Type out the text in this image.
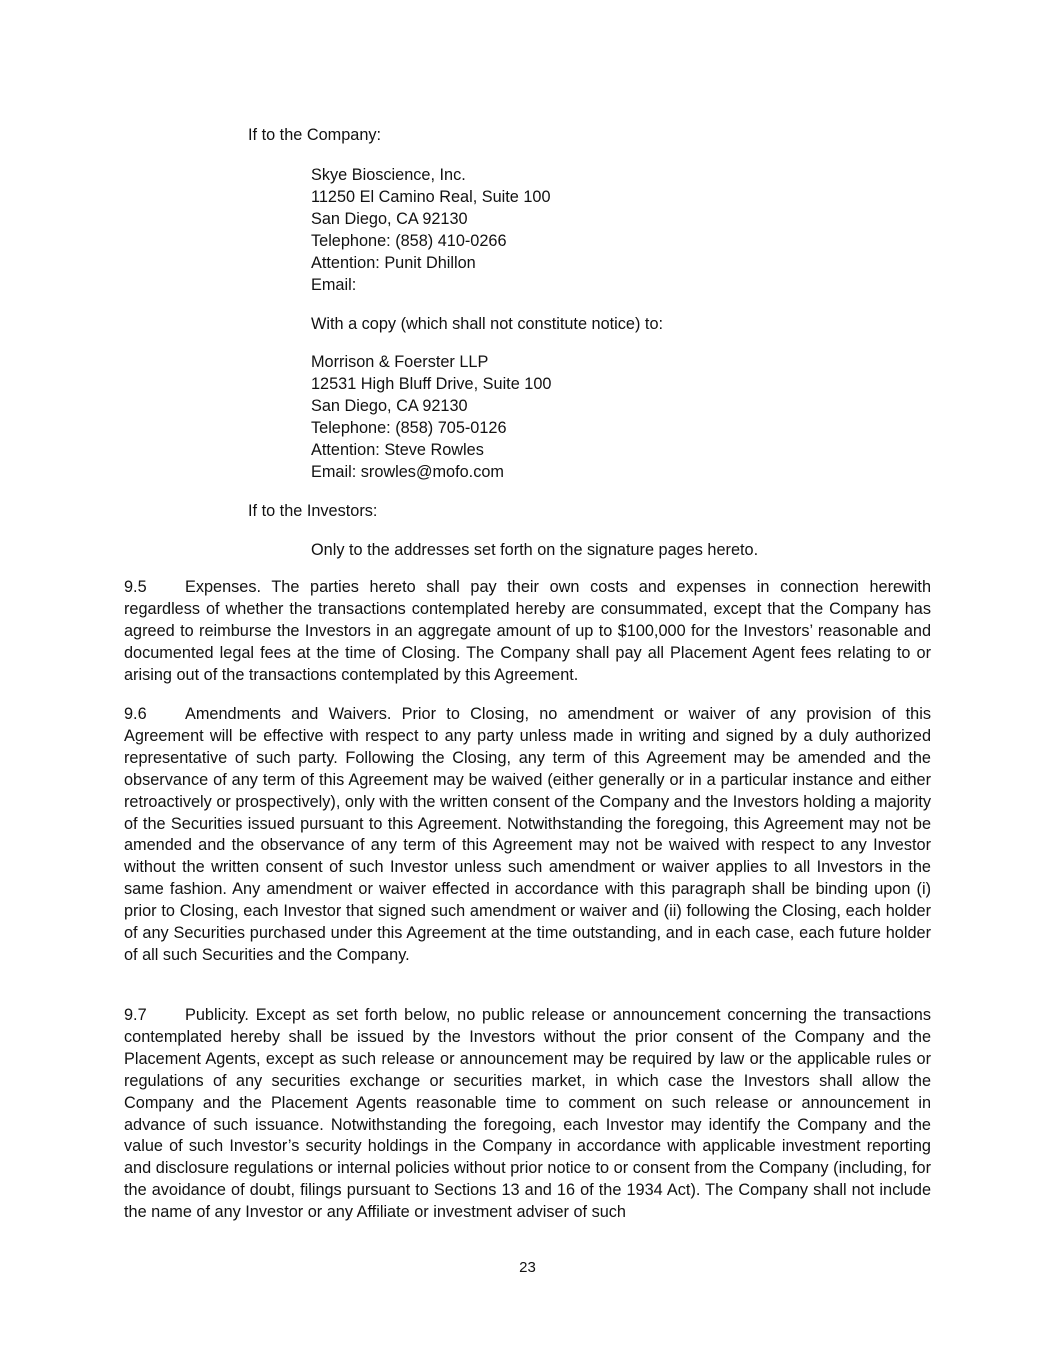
If to the Company:
Skye Bioscience, Inc.
11250 El Camino Real, Suite 100
San Diego, CA 92130
Telephone: (858) 410-0266
Attention: Punit Dhillon
Email:
With a copy (which shall not constitute notice) to:
Morrison & Foerster LLP
12531 High Bluff Drive, Suite 100
San Diego, CA 92130
Telephone: (858) 705-0126
Attention: Steve Rowles
Email: srowles@mofo.com
If to the Investors:
Only to the addresses set forth on the signature pages hereto.
9.5 Expenses. The parties hereto shall pay their own costs and expenses in connection herewith regardless of whether the transactions contemplated hereby are consummated, except that the Company has agreed to reimburse the Investors in an aggregate amount of up to $100,000 for the Investors’ reasonable and documented legal fees at the time of Closing. The Company shall pay all Placement Agent fees relating to or arising out of the transactions contemplated by this Agreement.
9.6 Amendments and Waivers. Prior to Closing, no amendment or waiver of any provision of this Agreement will be effective with respect to any party unless made in writing and signed by a duly authorized representative of such party. Following the Closing, any term of this Agreement may be amended and the observance of any term of this Agreement may be waived (either generally or in a particular instance and either retroactively or prospectively), only with the written consent of the Company and the Investors holding a majority of the Securities issued pursuant to this Agreement. Notwithstanding the foregoing, this Agreement may not be amended and the observance of any term of this Agreement may not be waived with respect to any Investor without the written consent of such Investor unless such amendment or waiver applies to all Investors in the same fashion. Any amendment or waiver effected in accordance with this paragraph shall be binding upon (i) prior to Closing, each Investor that signed such amendment or waiver and (ii) following the Closing, each holder of any Securities purchased under this Agreement at the time outstanding, and in each case, each future holder of all such Securities and the Company.
9.7 Publicity. Except as set forth below, no public release or announcement concerning the transactions contemplated hereby shall be issued by the Investors without the prior consent of the Company and the Placement Agents, except as such release or announcement may be required by law or the applicable rules or regulations of any securities exchange or securities market, in which case the Investors shall allow the Company and the Placement Agents reasonable time to comment on such release or announcement in advance of such issuance. Notwithstanding the foregoing, each Investor may identify the Company and the value of such Investor’s security holdings in the Company in accordance with applicable investment reporting and disclosure regulations or internal policies without prior notice to or consent from the Company (including, for the avoidance of doubt, filings pursuant to Sections 13 and 16 of the 1934 Act). The Company shall not include the name of any Investor or any Affiliate or investment adviser of such
23
